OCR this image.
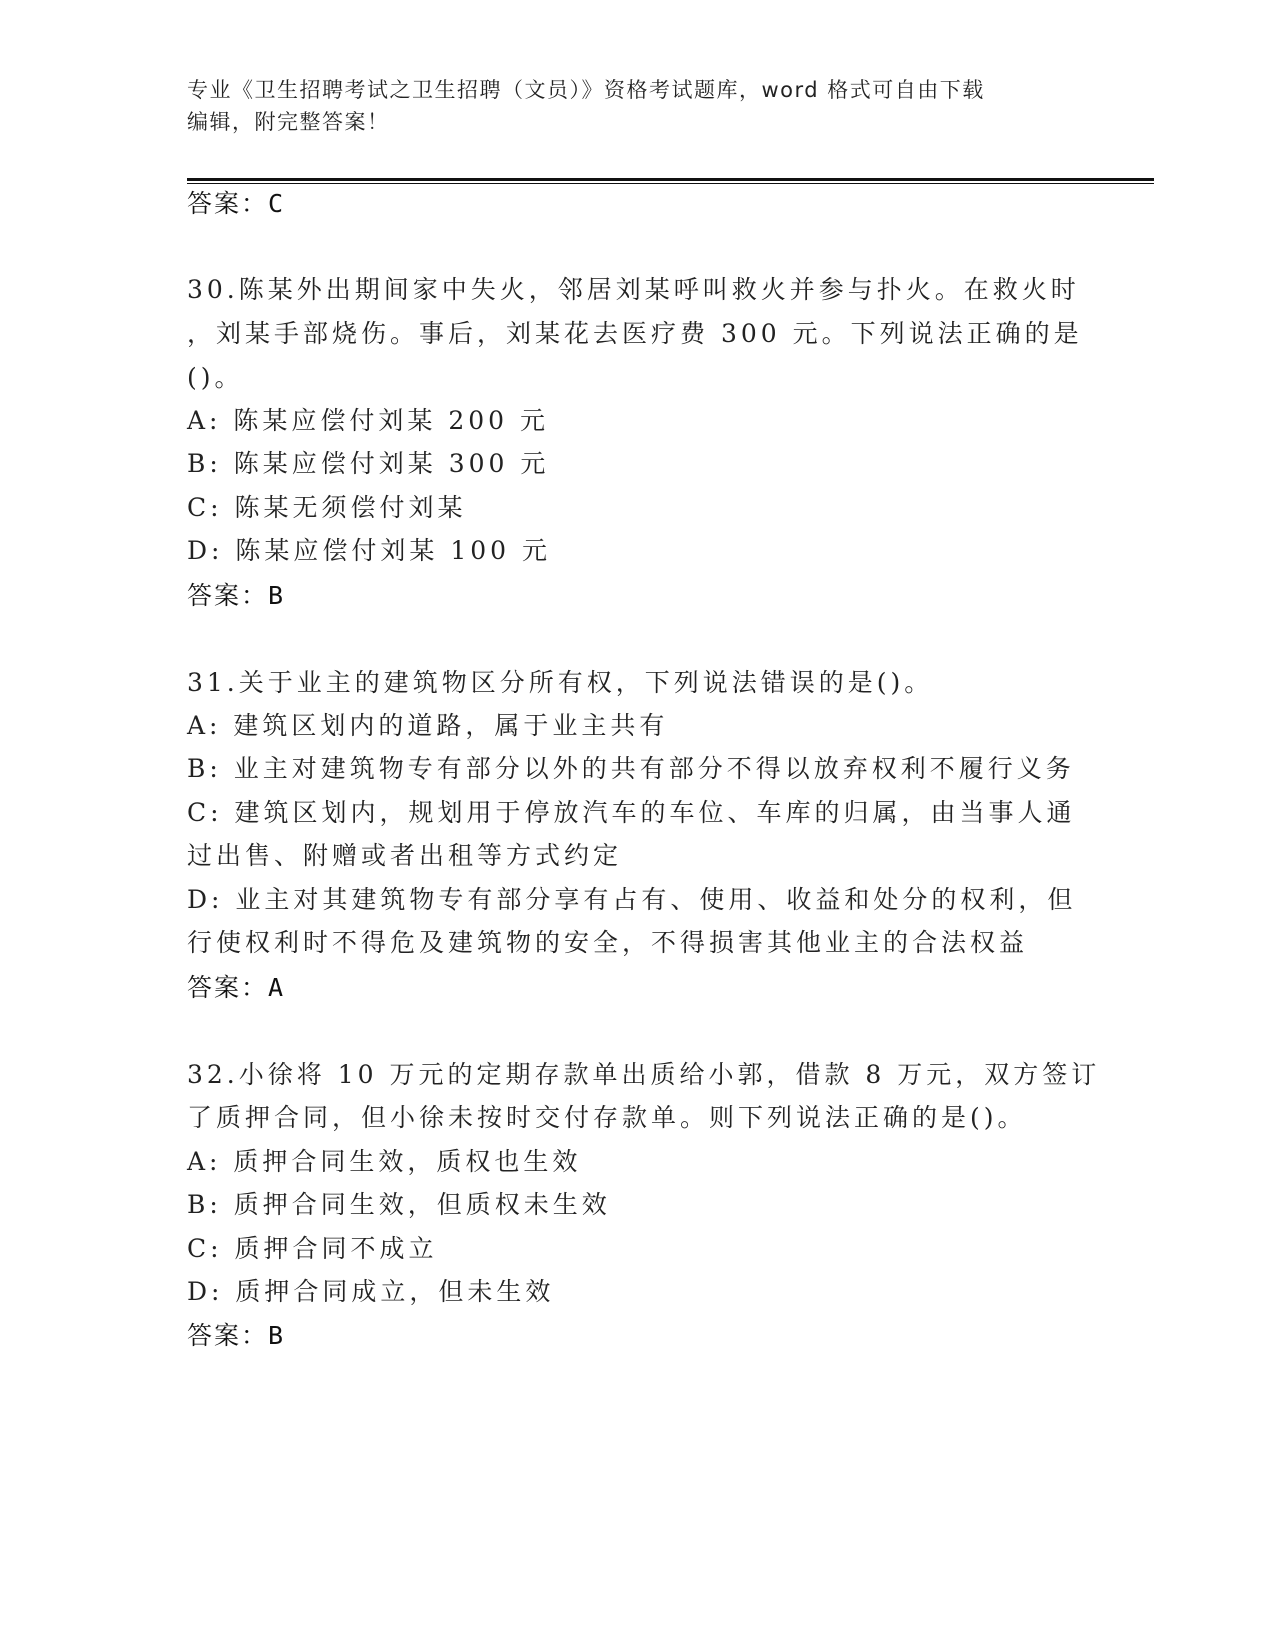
专业《卫生招聘考试之卫生招聘（文员）》资格考试题库，word 格式可自由下载
编辑，附完整答案！
答案：C
30.陈某外出期间家中失火，邻居刘某呼叫救火并参与扑火。在救火时
，刘某手部烧伤。事后，刘某花去医疗费 300 元。下列说法正确的是
()。
A: 陈某应偿付刘某 200 元
B: 陈某应偿付刘某 300 元
C: 陈某无须偿付刘某
D: 陈某应偿付刘某 100 元
答案：B
31.关于业主的建筑物区分所有权，下列说法错误的是()。
A: 建筑区划内的道路，属于业主共有
B: 业主对建筑物专有部分以外的共有部分不得以放弃权利不履行义务
C: 建筑区划内，规划用于停放汽车的车位、车库的归属，由当事人通
过出售、附赠或者出租等方式约定
D: 业主对其建筑物专有部分享有占有、使用、收益和处分的权利，但
行使权利时不得危及建筑物的安全，不得损害其他业主的合法权益
答案：A
32.小徐将 10 万元的定期存款单出质给小郭，借款 8 万元，双方签订
了质押合同，但小徐未按时交付存款单。则下列说法正确的是()。
A: 质押合同生效，质权也生效
B: 质押合同生效，但质权未生效
C: 质押合同不成立
D: 质押合同成立，但未生效
答案：B
